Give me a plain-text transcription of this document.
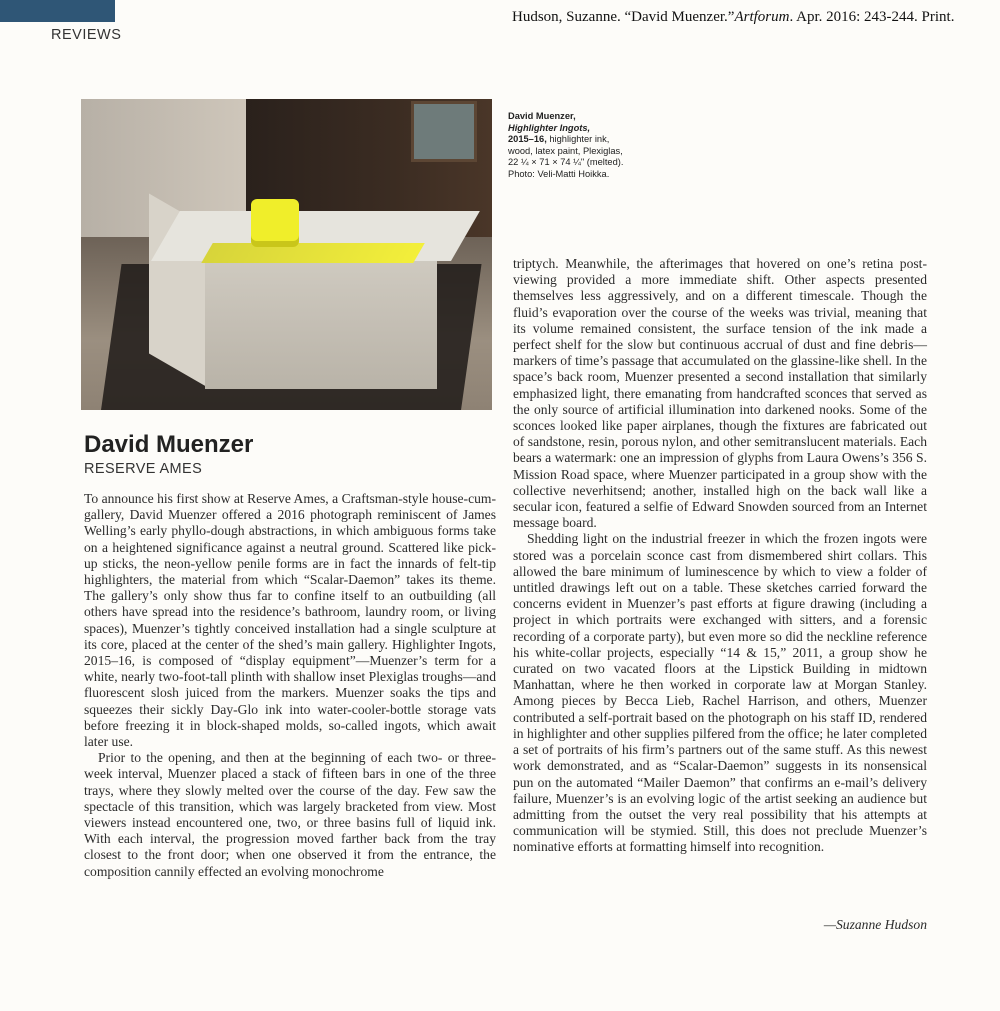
REVIEWS
Hudson, Suzanne. “David Muenzer.”Artforum. Apr. 2016: 243-244. Print.
David Muenzer,
Highlighter Ingots,
2015–16, highlighter ink, wood, latex paint, Plexiglas, 22 ¼ × 71 × 74 ¼" (melted). Photo: Veli-Matti Hoikka.
David Muenzer
RESERVE AMES

To announce his first show at Reserve Ames, a Craftsman-style house-cum-gallery, David Muenzer offered a 2016 photograph reminiscent of James Welling’s early phyllo-dough abstractions, in which ambiguous forms take on a heightened significance against a neutral ground. Scattered like pick-up sticks, the neon-yellow penile forms are in fact the innards of felt-tip highlighters, the material from which “Scalar-Daemon” takes its theme. The gallery’s only show thus far to confine itself to an outbuilding (all others have spread into the residence’s bathroom, laundry room, or living spaces), Muenzer’s tightly conceived installation had a single sculpture at its core, placed at the center of the shed’s main gallery. Highlighter Ingots, 2015–16, is composed of “display equipment”—Muenzer’s term for a white, nearly two-foot-tall plinth with shallow inset Plexiglas troughs—and fluorescent slosh juiced from the markers. Muenzer soaks the tips and squeezes their sickly Day-Glo ink into water-cooler-bottle storage vats before freezing it in block-shaped molds, so-called ingots, which await later use.

Prior to the opening, and then at the beginning of each two- or three-week interval, Muenzer placed a stack of fifteen bars in one of the three trays, where they slowly melted over the course of the day. Few saw the spectacle of this transition, which was largely bracketed from view. Most viewers instead encountered one, two, or three basins full of liquid ink. With each interval, the progression moved farther back from the tray closest to the front door; when one observed it from the entrance, the composition cannily effected an evolving monochrome

triptych. Meanwhile, the afterimages that hovered on one’s retina post-viewing provided a more immediate shift. Other aspects presented themselves less aggressively, and on a different timescale. Though the fluid’s evaporation over the course of the weeks was trivial, meaning that its volume remained consistent, the surface tension of the ink made a perfect shelf for the slow but continuous accrual of dust and fine debris—markers of time’s passage that accumulated on the glassine-like shell. In the space’s back room, Muenzer presented a second installation that similarly emphasized light, there emanating from handcrafted sconces that served as the only source of artificial illumination into darkened nooks. Some of the sconces looked like paper airplanes, though the fixtures are fabricated out of sandstone, resin, porous nylon, and other semitranslucent materials. Each bears a watermark: one an impression of glyphs from Laura Owens’s 356 S. Mission Road space, where Muenzer participated in a group show with the collective neverhitsend; another, installed high on the back wall like a secular icon, featured a selfie of Edward Snowden sourced from an Internet message board.

Shedding light on the industrial freezer in which the frozen ingots were stored was a porcelain sconce cast from dismembered shirt collars. This allowed the bare minimum of luminescence by which to view a folder of untitled drawings left out on a table. These sketches carried forward the concerns evident in Muenzer’s past efforts at figure drawing (including a project in which portraits were exchanged with sitters, and a forensic recording of a corporate party), but even more so did the neckline reference his white-collar projects, especially “14 & 15,” 2011, a group show he curated on two vacated floors at the Lipstick Building in midtown Manhattan, where he then worked in corporate law at Morgan Stanley. Among pieces by Becca Lieb, Rachel Harrison, and others, Muenzer contributed a self-portrait based on the photograph on his staff ID, rendered in highlighter and other supplies pilfered from the office; he later completed a set of portraits of his firm’s partners out of the same stuff. As this newest work demonstrated, and as “Scalar-Daemon” suggests in its nonsensical pun on the automated “Mailer Daemon” that confirms an e-mail’s delivery failure, Muenzer’s is an evolving logic of the artist seeking an audience but admitting from the outset the very real possibility that his attempts at communication will be stymied. Still, this does not preclude Muenzer’s nominative efforts at formatting himself into recognition.

—Suzanne Hudson
